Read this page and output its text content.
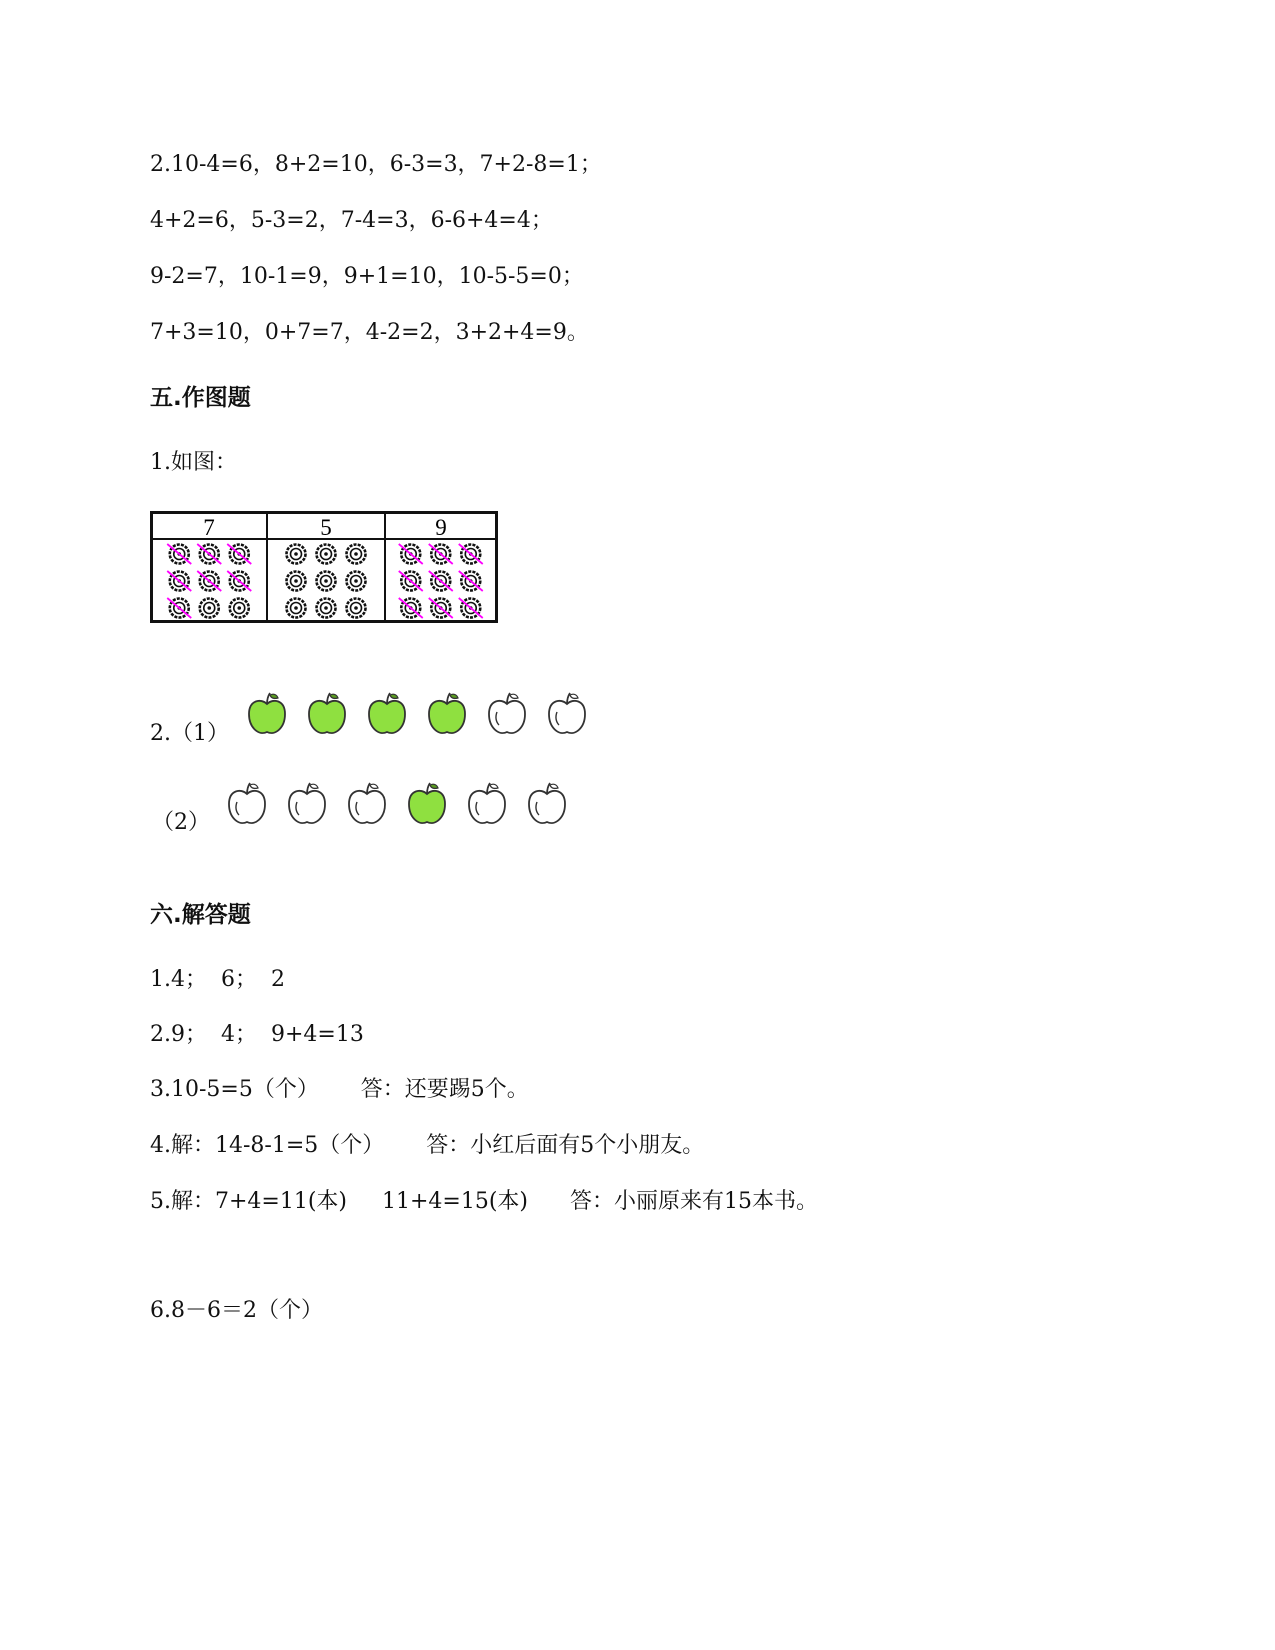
2.10-4=6，8+2=10，6-3=3，7+2-8=1；
4+2=6，5-3=2，7-4=3，6-6+4=4；
9-2=7，10-1=9，9+1=10，10-5-5=0；
7+3=10，0+7=7，4-2=2，3+2+4=9。
五.作图题
1.如图：
7	5	9
2.（1）
（2）
六.解答题
1.4；  6；  2
2.9；  4；  9+4=13
3.10-5=5（个）      答：还要踢5个。
4.解：14-8-1=5（个）      答：小红后面有5个小朋友。
5.解：7+4=11(本)     11+4=15(本)      答：小丽原来有15本书。
6.8－6＝2（个）
